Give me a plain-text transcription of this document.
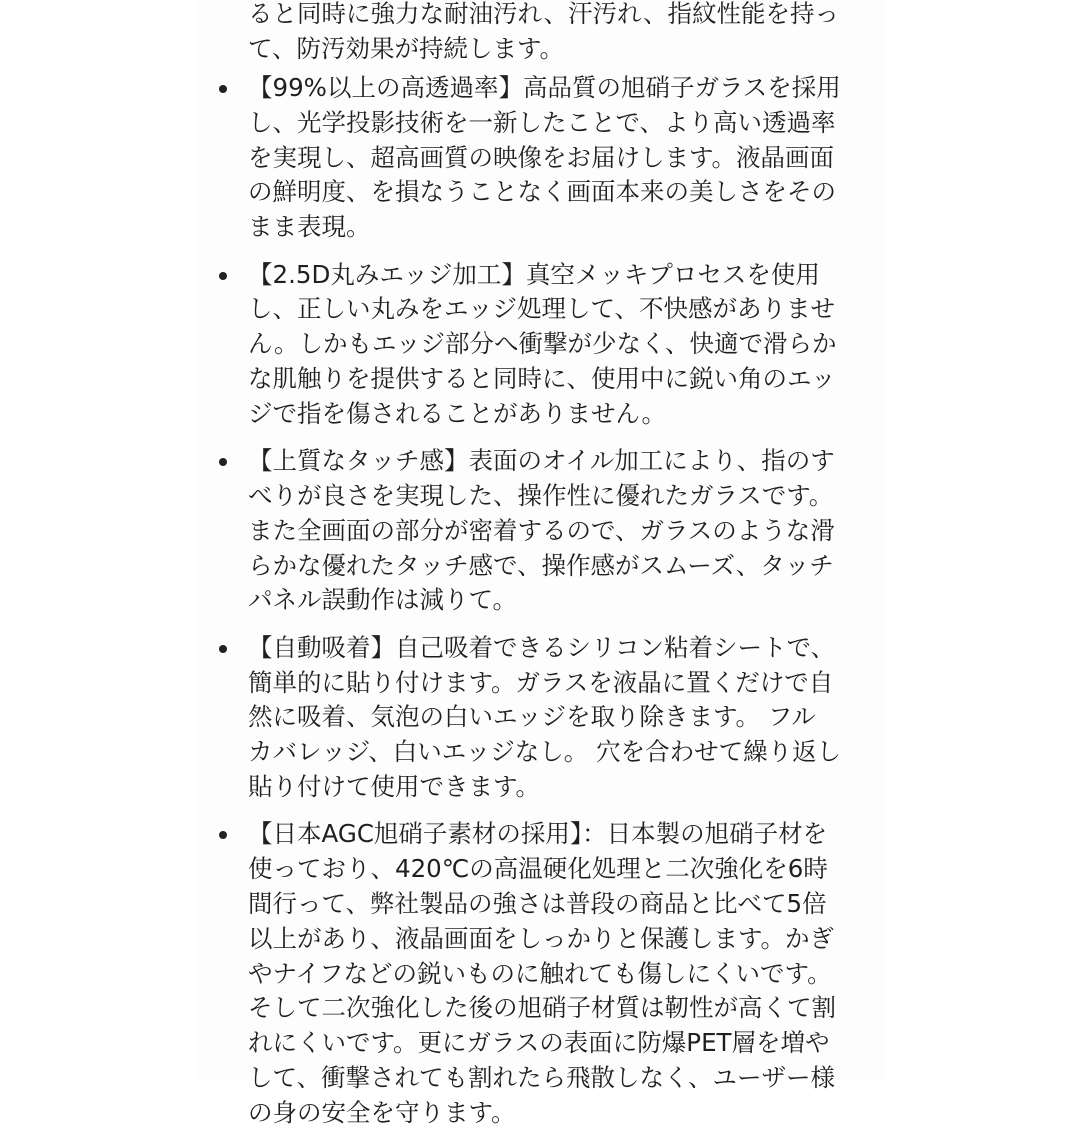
ると同時に強力な耐油汚れ、汗汚れ、指紋性能を持っ
て、防汚効果が持続します。

【99%以上の高透過率】高品質の旭硝子ガラスを採用
し、光学投影技術を一新したことで、より高い透過率
を実現し、超高画質の映像をお届けします。液晶画面
の鮮明度、を損なうことなく画面本来の美しさをその
まま表現。
【2.5D丸みエッジ加工】真空メッキプロセスを使用
し、正しい丸みをエッジ処理して、不快感がありませ
ん。しかもエッジ部分へ衝撃が少なく、快適で滑らか
な肌触りを提供すると同時に、使用中に鋭い角のエッ
ジで指を傷されることがありません。
【上質なタッチ感】表面のオイル加工により、指のす
べりが良さを実現した、操作性に優れたガラスです。
また全画面の部分が密着するので、ガラスのような滑
らかな優れたタッチ感で、操作感がスムーズ、タッチ
パネル誤動作は減りて。
【自動吸着】自己吸着できるシリコン粘着シートで、
簡単的に貼り付けます。ガラスを液晶に置くだけで自
然に吸着、気泡の白いエッジを取り除きます。 フル
カバレッジ、白いエッジなし。 穴を合わせて繰り返し
貼り付けて使用できます。
【日本AGC旭硝子素材の採用】：日本製の旭硝子材を
使っており、420℃の高温硬化処理と二次強化を6時
間行って、弊社製品の強さは普段の商品と比べて5倍
以上があり、液晶画面をしっかりと保護します。かぎ
やナイフなどの鋭いものに触れても傷しにくいです。
そして二次強化した後の旭硝子材質は靭性が高くて割
れにくいです。更にガラスの表面に防爆PET層を増や
して、衝撃されても割れたら飛散しなく、ユーザー様
の身の安全を守ります。
